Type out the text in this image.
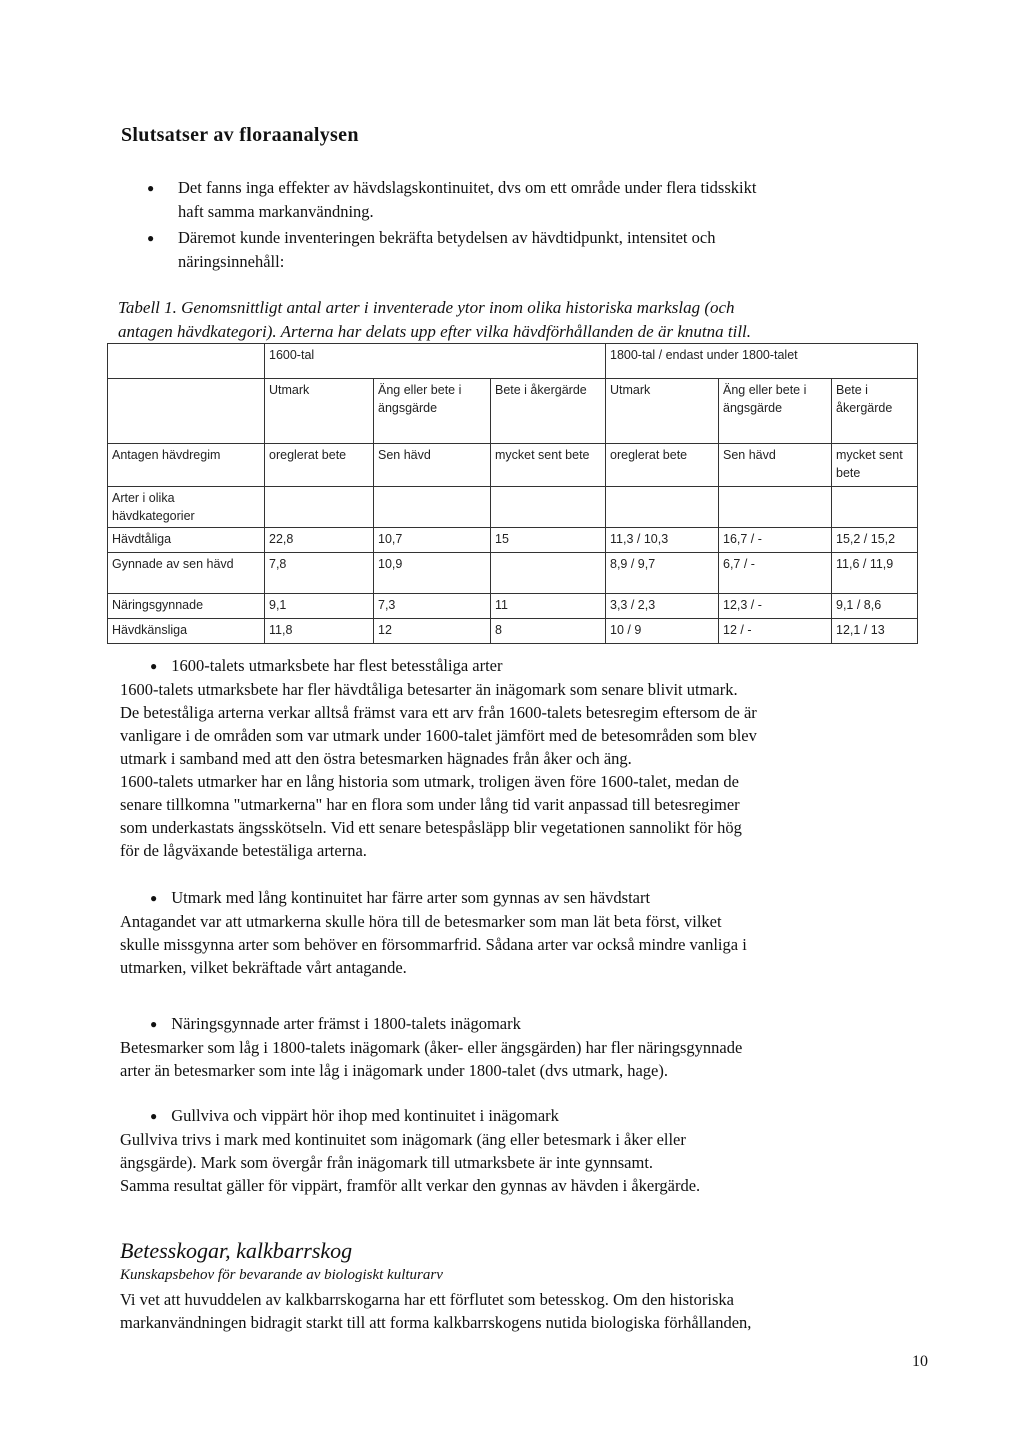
Slutsatser av floraanalysen
● Det fanns inga effekter av hävdslagskontinuitet, dvs om ett område under flera tidsskikt
haft samma markanvändning.
● Däremot kunde inventeringen bekräfta betydelsen av hävdtidpunkt, intensitet och
näringsinnehåll:
Tabell 1. Genomsnittligt antal arter i inventerade ytor inom olika historiska markslag (och
antagen hävdkategori). Arterna har delats upp efter vilka hävdförhållanden de är knutna till.
	1600-tal			1800-tal / endast under 1800-talet		
	Utmark	Äng eller bete i ängsgärde	Bete i åkergärde	Utmark	Äng eller bete i ängsgärde	Bete i åkergärde
Antagen hävdregim	oreglerat bete	Sen hävd	mycket sent bete	oreglerat bete	Sen hävd	mycket sent bete
Arter i olika hävdkategorier						
Hävdtåliga	22,8	10,7	15	11,3 / 10,3	16,7 / -	15,2 / 15,2
Gynnade av sen hävd	7,8	10,9		8,9 / 9,7	6,7 / -	11,6 / 11,9
Näringsgynnade	9,1	7,3	11	3,3 / 2,3	12,3 / -	9,1 / 8,6
Hävdkänsliga	11,8	12	8	10 / 9	12 / -	12,1 / 13
● 1600-talets utmarksbete har flest betesståliga arter
1600-talets utmarksbete har fler hävdtåliga betesarter än inägomark som senare blivit utmark.
De beteståliga arterna verkar alltså främst vara ett arv från 1600-talets betesregim eftersom de är
vanligare i de områden som var utmark under 1600-talet jämfört med de betesområden som blev
utmark i samband med att den östra betesmarken hägnades från åker och äng.
1600-talets utmarker har en lång historia som utmark, troligen även före 1600-talet, medan de
senare tillkomna "utmarkerna" har en flora som under lång tid varit anpassad till betesregimer
som underkastats ängsskötseln. Vid ett senare betespåsläpp blir vegetationen sannolikt för hög
för de lågväxande betestäliga arterna.
● Utmark med lång kontinuitet har färre arter som gynnas av sen hävdstart
Antagandet var att utmarkerna skulle höra till de betesmarker som man lät beta först, vilket
skulle missgynna arter som behöver en försommarfrid. Sådana arter var också mindre vanliga i
utmarken, vilket bekräftade vårt antagande.
● Näringsgynnade arter främst i 1800-talets inägomark
Betesmarker som låg i 1800-talets inägomark (åker- eller ängsgärden) har fler näringsgynnade
arter än betesmarker som inte låg i inägomark under 1800-talet (dvs utmark, hage).
● Gullviva och vippärt hör ihop med kontinuitet i inägomark
Gullviva trivs i mark med kontinuitet som inägomark (äng eller betesmark i åker eller
ängsgärde). Mark som övergår från inägomark till utmarksbete är inte gynnsamt.
Samma resultat gäller för vippärt, framför allt verkar den gynnas av hävden i åkergärde.
Betesskogar, kalkbarrskog
Kunskapsbehov för bevarande av biologiskt kulturarv
Vi vet att huvuddelen av kalkbarrskogarna har ett förflutet som betesskog. Om den historiska
markanvändningen bidragit starkt till att forma kalkbarrskogens nutida biologiska förhållanden,
10
